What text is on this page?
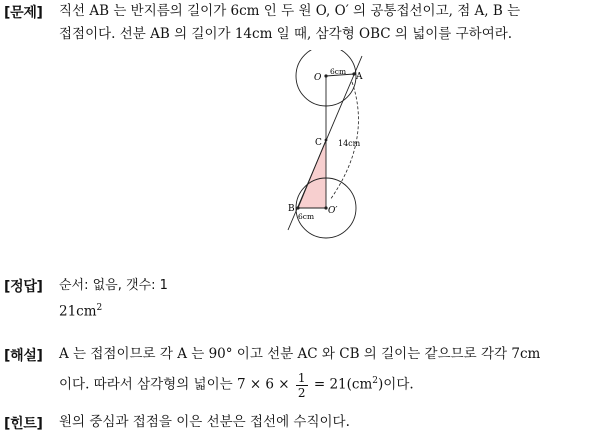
[문제] 직선 AB 는 반지름의 길이가 6cm 인 두 원 O, O′ 의 공통접선이고, 점 A, B 는
접점이다. 선분 AB 의 길이가 14cm 일 때, 삼각형 OBC 의 넓이를 구하여라.
O
6cm
A
C 14cm
B
6cm
O′
[정답] 순서: 없음, 갯수: 1
$21cm^2$
[해설] A 는 접점이므로 각 A 는 90° 이고 선분 AC 와 CB 의 길이는 같으므로 각각 7cm
이다. 따라서 삼각형의 넓이는 $7 \times 6 \times \frac{1}{2} = 21(cm^2)$이다.
[힌트] 원의 중심과 접점을 이은 선분은 접선에 수직이다.
